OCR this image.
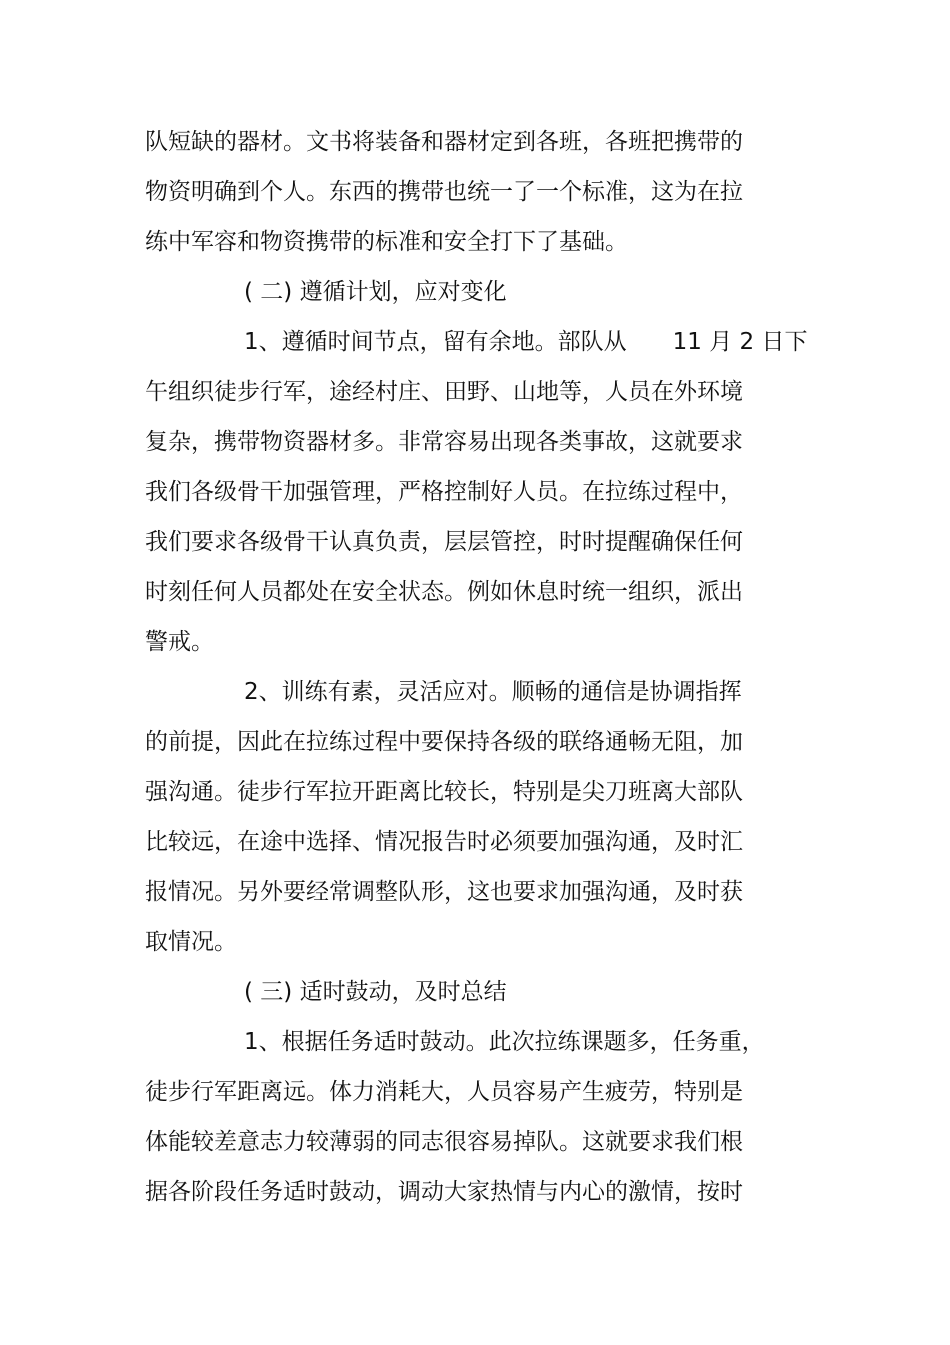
队短缺的器材。文书将装备和器材定到各班，各班把携带的
物资明确到个人。东西的携带也统一了一个标准，这为在拉
练中军容和物资携带的标准和安全打下了基础。
( 二) 遵循计划，应对变化
1、遵循时间节点，留有余地。部队从　　11 月 2 日下
午组织徒步行军，途经村庄、田野、山地等，人员在外环境
复杂，携带物资器材多。非常容易出现各类事故，这就要求
我们各级骨干加强管理，严格控制好人员。在拉练过程中，
我们要求各级骨干认真负责，层层管控，时时提醒确保任何
时刻任何人员都处在安全状态。例如休息时统一组织，派出
警戒。
2、训练有素，灵活应对。顺畅的通信是协调指挥
的前提，因此在拉练过程中要保持各级的联络通畅无阻，加
强沟通。徒步行军拉开距离比较长，特别是尖刀班离大部队
比较远，在途中选择、情况报告时必须要加强沟通，及时汇
报情况。另外要经常调整队形，这也要求加强沟通，及时获
取情况。
( 三) 适时鼓动，及时总结
1、根据任务适时鼓动。此次拉练课题多，任务重，
徒步行军距离远。体力消耗大，人员容易产生疲劳，特别是
体能较差意志力较薄弱的同志很容易掉队。这就要求我们根
据各阶段任务适时鼓动，调动大家热情与内心的激情，按时
